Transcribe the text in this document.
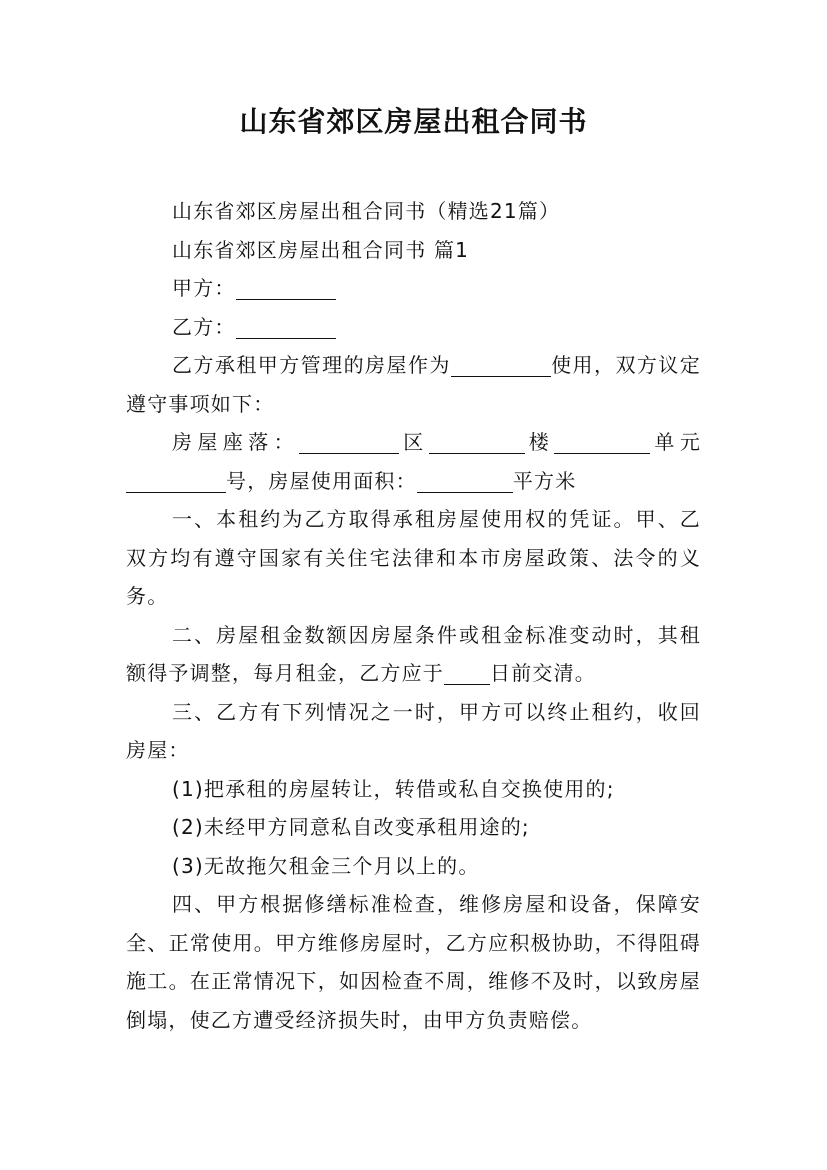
山东省郊区房屋出租合同书

山东省郊区房屋出租合同书（精选21篇）

山东省郊区房屋出租合同书 篇1

甲方：

乙方：

乙方承租甲方管理的房屋作为	使用，双方议定遵守事项如下：

房屋座落：	区	楼	单元号，房屋使用面积：	平方米

一、本租约为乙方取得承租房屋使用权的凭证。甲、乙双方均有遵守国家有关住宅法律和本市房屋政策、法令的义务。

二、房屋租金数额因房屋条件或租金标准变动时，其租额得予调整，每月租金，乙方应于 日前交清。

三、乙方有下列情况之一时，甲方可以终止租约，收回房屋：

(1)把承租的房屋转让，转借或私自交换使用的;

(2)未经甲方同意私自改变承租用途的;

(3)无故拖欠租金三个月以上的。

四、甲方根据修缮标准检查，维修房屋和设备，保障安全、正常使用。甲方维修房屋时，乙方应积极协助，不得阻碍施工。在正常情况下，如因检查不周，维修不及时，以致房屋倒塌，使乙方遭受经济损失时，由甲方负责赔偿。
